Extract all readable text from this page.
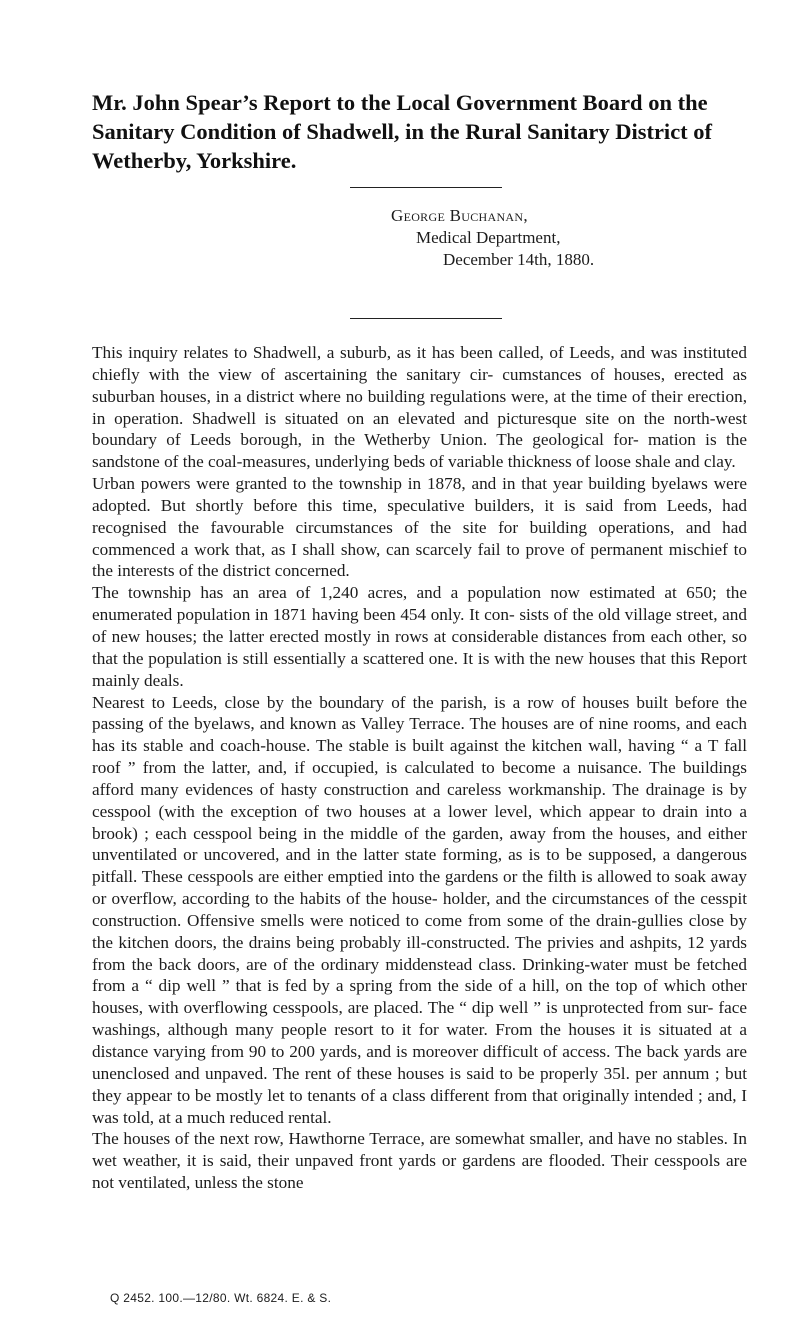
Mr. John Spear’s Report to the Local Government Board on the Sanitary Condition of Shadwell, in the Rural Sanitary District of Wetherby, Yorkshire.

George Buchanan,

Medical Department,

December 14th, 1880.

This inquiry relates to Shadwell, a suburb, as it has been called, of Leeds, and was instituted chiefly with the view of ascertaining the sanitary cir- cumstances of houses, erected as suburban houses, in a district where no building regulations were, at the time of their erection, in operation. Shadwell is situated on an elevated and picturesque site on the north-west boundary of Leeds borough, in the Wetherby Union. The geological for- mation is the sandstone of the coal-measures, underlying beds of variable thickness of loose shale and clay.

Urban powers were granted to the township in 1878, and in that year building byelaws were adopted. But shortly before this time, speculative builders, it is said from Leeds, had recognised the favourable circumstances of the site for building operations, and had commenced a work that, as I shall show, can scarcely fail to prove of permanent mischief to the interests of the district concerned.

The township has an area of 1,240 acres, and a population now estimated at 650; the enumerated population in 1871 having been 454 only. It con- sists of the old village street, and of new houses; the latter erected mostly in rows at considerable distances from each other, so that the population is still essentially a scattered one. It is with the new houses that this Report mainly deals.

Nearest to Leeds, close by the boundary of the parish, is a row of houses built before the passing of the byelaws, and known as Valley Terrace. The houses are of nine rooms, and each has its stable and coach-house. The stable is built against the kitchen wall, having “ a T fall roof ” from the latter, and, if occupied, is calculated to become a nuisance. The buildings afford many evidences of hasty construction and careless workmanship. The drainage is by cesspool (with the exception of two houses at a lower level, which appear to drain into a brook) ; each cesspool being in the middle of the garden, away from the houses, and either unventilated or uncovered, and in the latter state forming, as is to be supposed, a dangerous pitfall. These cesspools are either emptied into the gardens or the filth is allowed to soak away or overflow, according to the habits of the house- holder, and the circumstances of the cesspit construction. Offensive smells were noticed to come from some of the drain-gullies close by the kitchen doors, the drains being probably ill-constructed. The privies and ashpits, 12 yards from the back doors, are of the ordinary middenstead class. Drinking-water must be fetched from a “ dip well ” that is fed by a spring from the side of a hill, on the top of which other houses, with overflowing cesspools, are placed. The “ dip well ” is unprotected from sur- face washings, although many people resort to it for water. From the houses it is situated at a distance varying from 90 to 200 yards, and is moreover difficult of access. The back yards are unenclosed and unpaved. The rent of these houses is said to be properly 35l. per annum ; but they appear to be mostly let to tenants of a class different from that originally intended ; and, I was told, at a much reduced rental.

The houses of the next row, Hawthorne Terrace, are somewhat smaller, and have no stables. In wet weather, it is said, their unpaved front yards or gardens are flooded. Their cesspools are not ventilated, unless the stone

Q 2452. 100.—12/80. Wt. 6824. E. & S.
